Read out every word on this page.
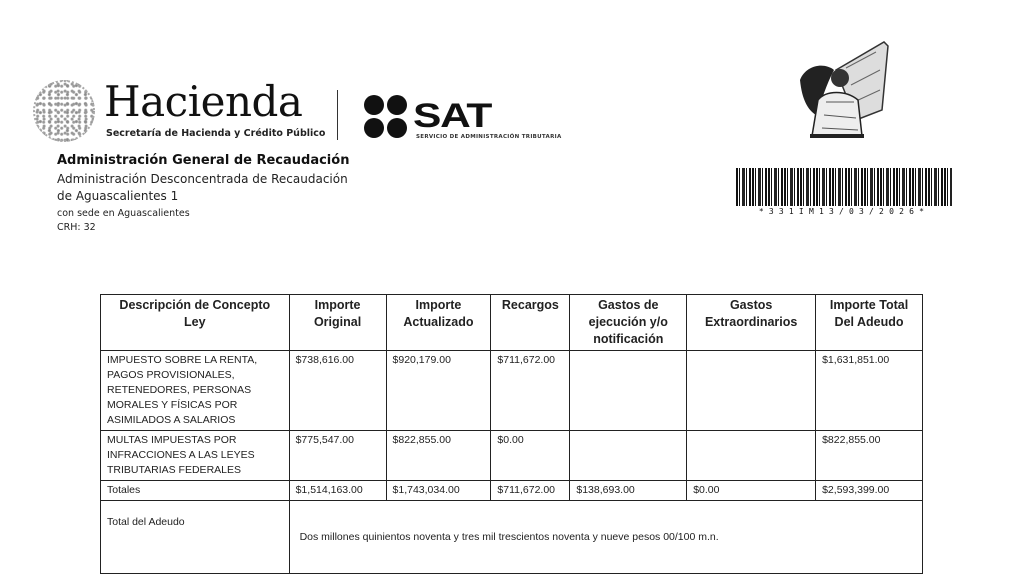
Hacienda
Secretaría de Hacienda y Crédito Público	SAT
SERVICIO DE ADMINISTRACIÓN TRIBUTARIA
Administración General de Recaudación
Administración Desconcentrada de Recaudación
de Aguascalientes 1
con sede en Aguascalientes
CRH: 32
*331IM13/03/2026*
Descripción de Concepto Ley	Importe Original	Importe Actualizado	Recargos	Gastos de ejecución y/o notificación	Gastos Extraordinarios	Importe Total Del Adeudo
IMPUESTO SOBRE LA RENTA, PAGOS PROVISIONALES, RETENEDORES, PERSONAS MORALES Y FÍSICAS POR ASIMILADOS A SALARIOS	$738,616.00	$920,179.00	$711,672.00			$1,631,851.00
MULTAS IMPUESTAS POR INFRACCIONES A LAS LEYES TRIBUTARIAS FEDERALES	$775,547.00	$822,855.00	$0.00			$822,855.00
Totales	$1,514,163.00	$1,743,034.00	$711,672.00	$138,693.00	$0.00	$2,593,399.00
Total del Adeudo	Dos millones quinientos noventa y tres mil trescientos noventa y nueve pesos 00/100 m.n.					
